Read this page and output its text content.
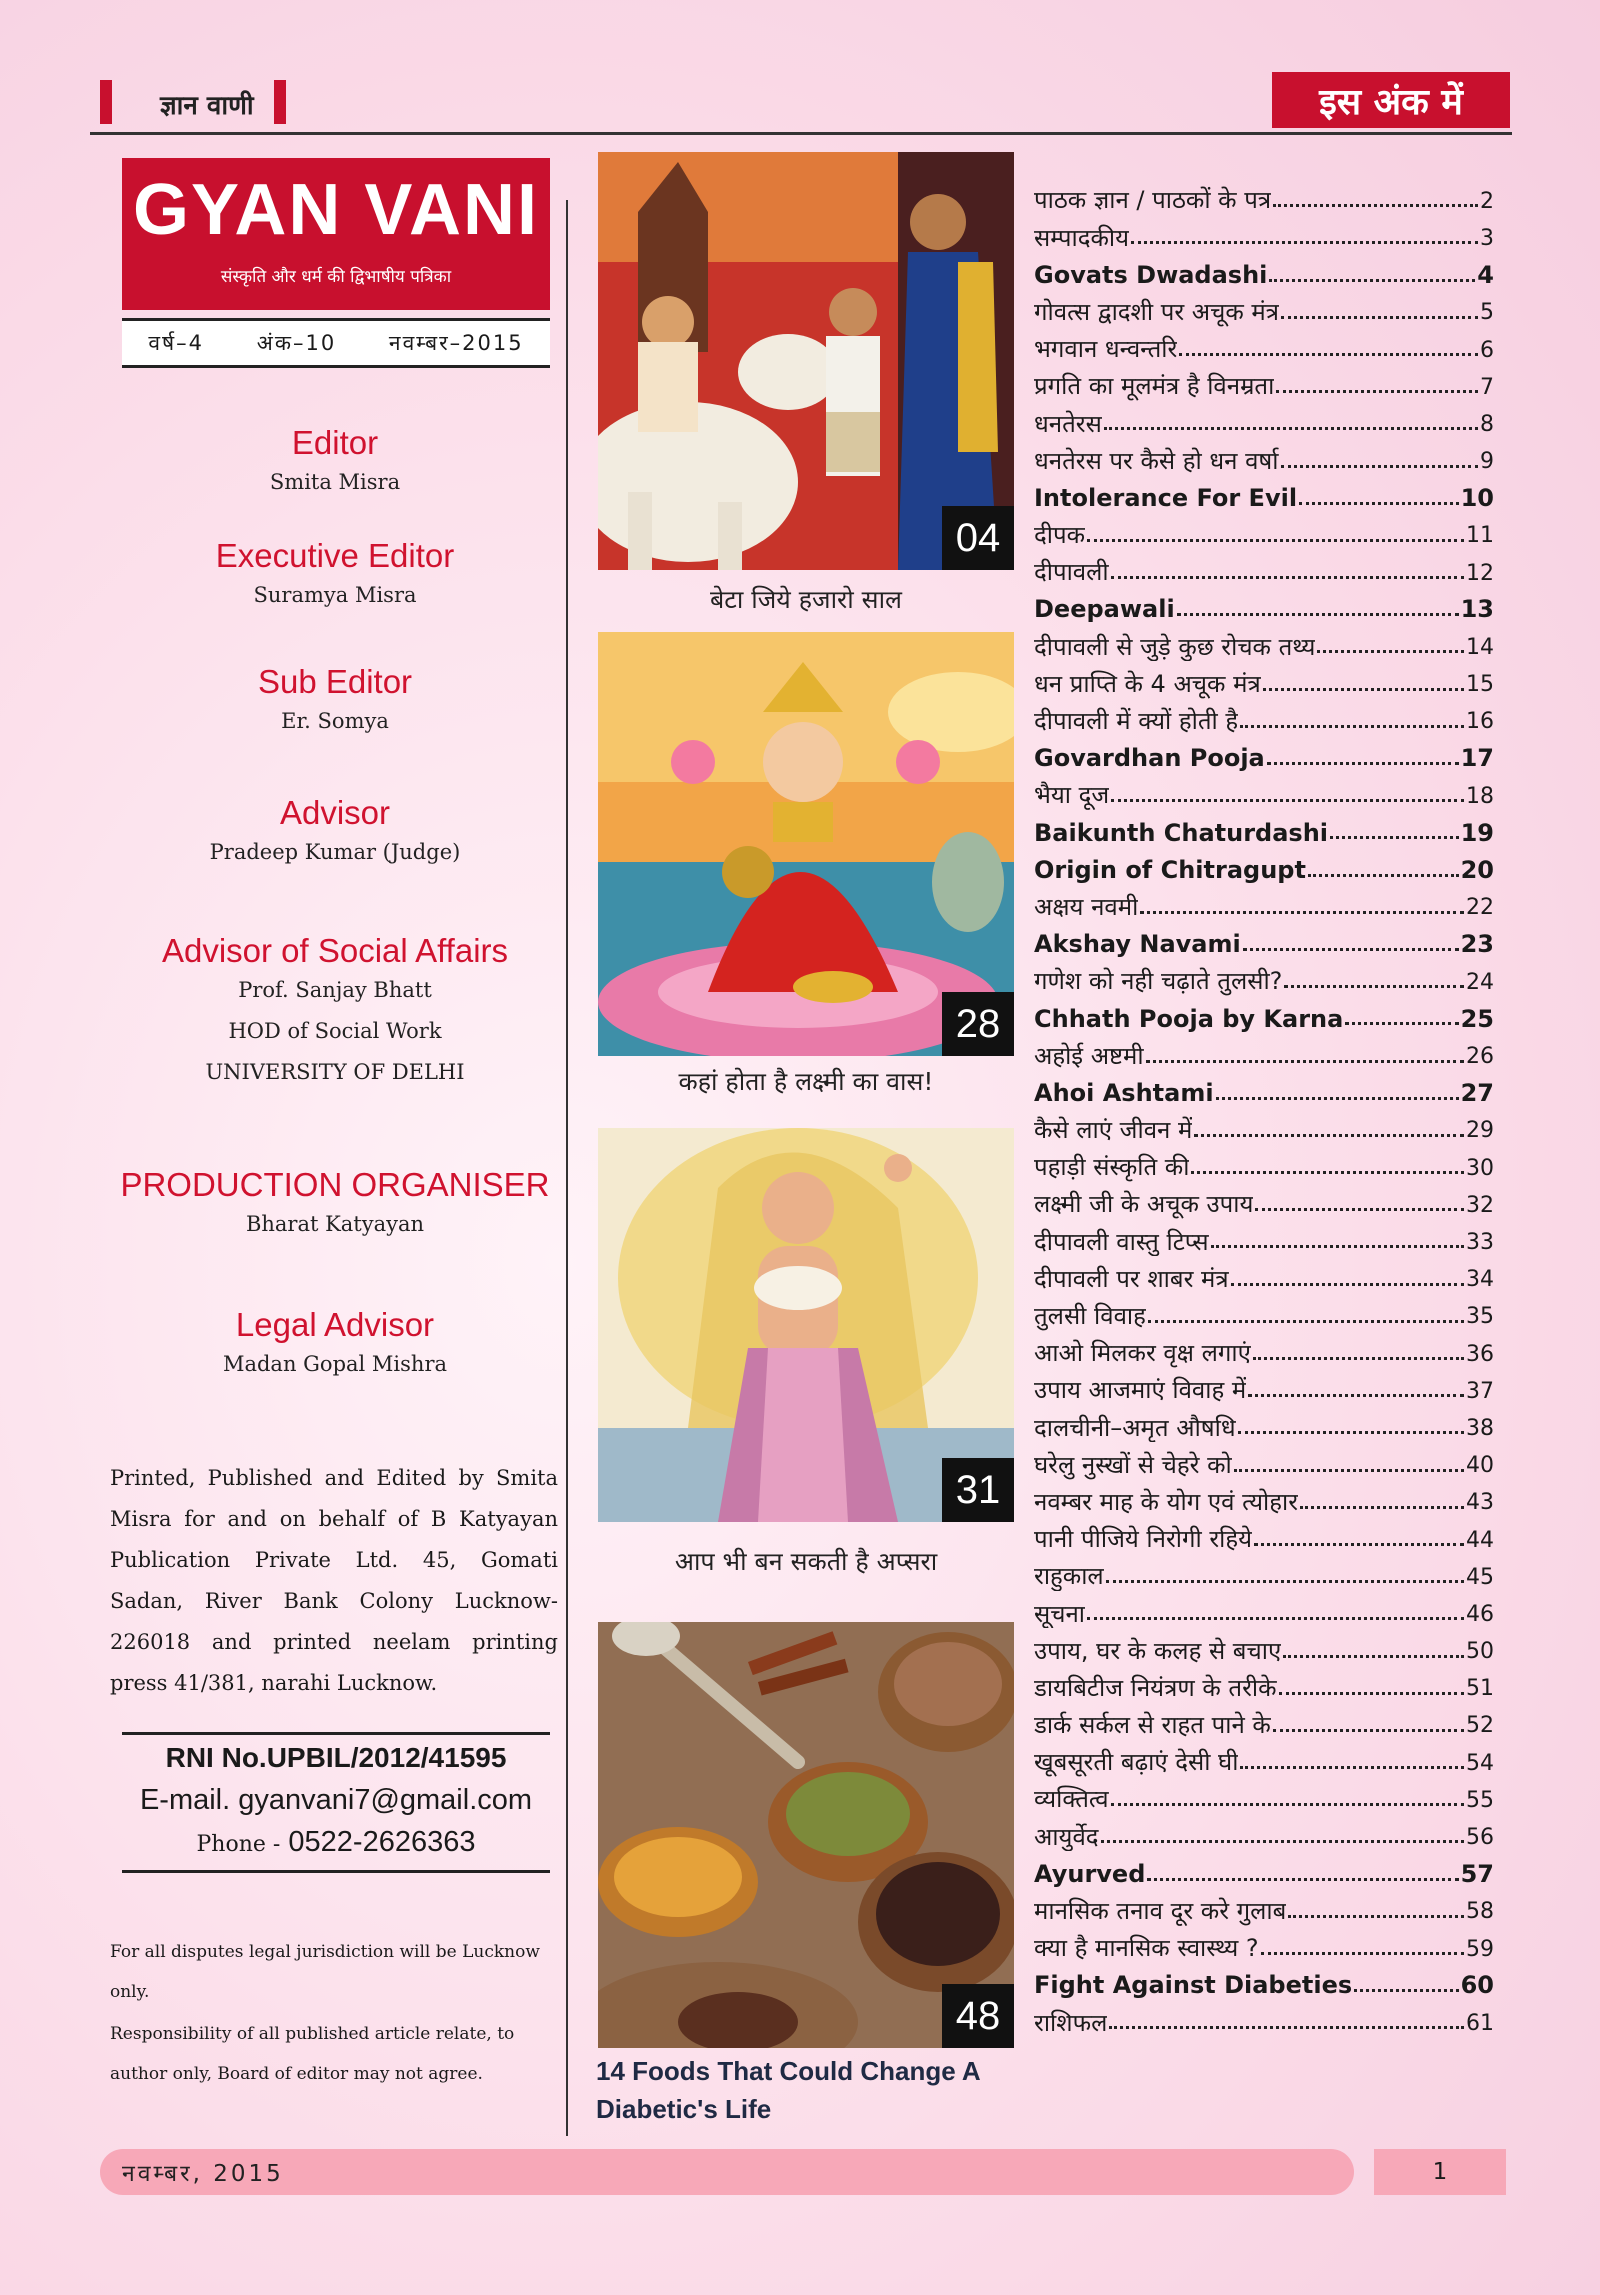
ज्ञान वाणी	इस अंक में
GYAN VANI
संस्कृति और धर्म की द्विभाषीय पत्रिका
वर्ष–4	अंक–10	नवम्बर–2015
Editor
Smita Misra
Executive Editor
Suramya Misra
Sub Editor
Er. Somya
Advisor
Pradeep Kumar (Judge)
Advisor of Social Affairs
Prof. Sanjay Bhatt
HOD of Social Work
UNIVERSITY OF DELHI
PRODUCTION ORGANISER
Bharat Katyayan
Legal Advisor
Madan Gopal Mishra
Printed, Published and Edited by Smita Misra for and on behalf of B Katyayan Publication Private Ltd. 45, Gomati Sadan, River Bank Colony Lucknow-226018 and printed neelam printing press 41/381, narahi Lucknow.
RNI No.UPBIL/2012/41595
E-mail. gyanvani7@gmail.com
Phone - 0522-2626363
For all disputes legal jurisdiction will be Lucknow only.
Responsibility of all published article relate, to author only, Board of editor may not agree.
04
बेटा जिये हजारो साल
28
कहां होता है लक्ष्मी का वास!
31
आप भी बन सकती है अप्सरा
48
14 Foods That Could Change A Diabetic's Life
पाठक ज्ञान / पाठकों के पत्र	2
सम्पादकीय	3
Govats Dwadashi	4
गोवत्स द्वादशी पर अचूक मंत्र	5
भगवान धन्वन्तरि	6
प्रगति का मूलमंत्र है विनम्रता	7
धनतेरस	8
धनतेरस पर कैसे हो धन वर्षा	9
Intolerance For Evil	10
दीपक	11
दीपावली	12
Deepawali	13
दीपावली से जुड़े कुछ रोचक तथ्य	14
धन प्राप्ति के 4 अचूक मंत्र	15
दीपावली में क्यों होती है	16
Govardhan Pooja	17
भैया दूज	18
Baikunth Chaturdashi	19
Origin of Chitragupt	20
अक्षय नवमी	22
Akshay Navami	23
गणेश को नही चढ़ाते तुलसी?	24
Chhath Pooja by Karna	25
अहोई अष्टमी	26
Ahoi Ashtami	27
कैसे लाएं जीवन में	29
पहाड़ी संस्कृति की	30
लक्ष्मी जी के अचूक उपाय	32
दीपावली वास्तु टिप्स	33
दीपावली पर शाबर मंत्र	34
तुलसी विवाह	35
आओ मिलकर वृक्ष लगाएं	36
उपाय आजमाएं विवाह में	37
दालचीनी–अमृत औषधि	38
घरेलु नुस्खों से चेहरे को	40
नवम्बर माह के योग एवं त्योहार	43
पानी पीजिये निरोगी रहिये	44
राहुकाल	45
सूचना	46
उपाय, घर के कलह से बचाए	50
डायबिटीज नियंत्रण के तरीके	51
डार्क सर्कल से राहत पाने के	52
खूबसूरती बढ़ाएं देसी घी	54
व्यक्तित्व	55
आयुर्वेद	56
Ayurved	57
मानसिक तनाव दूर करे गुलाब	58
क्या है मानसिक स्वास्थ्य ?	59
Fight Against Diabeties	60
राशिफल	61
नवम्बर, 2015	1
